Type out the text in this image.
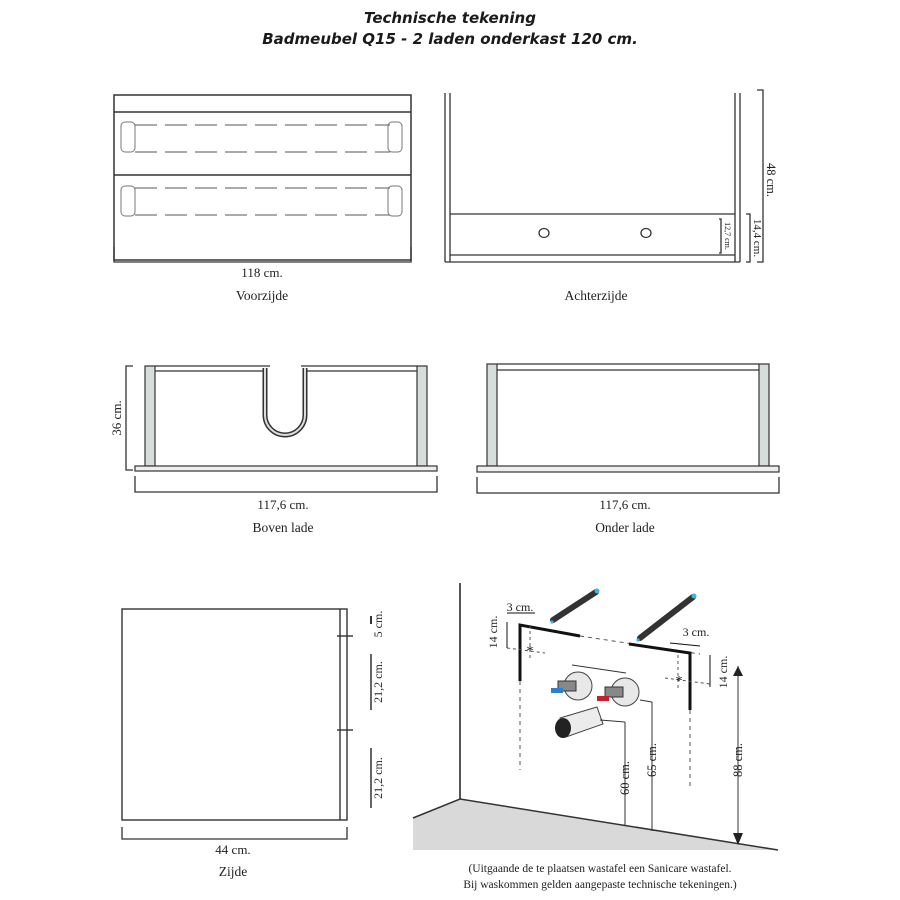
Technische tekening
Badmeubel Q15 - 2 laden onderkast 120 cm.
118 cm.
Voorzijde
12,7 cm. 14,4 cm.
48 cm.
Achterzijde
36 cm.
117,6 cm.
Boven lade
117,6 cm.
Onder lade
5 cm.
21,2 cm.
21,2 cm.
44 cm.
Zijde
*
*
3 cm.
14 cm.	3 cm.
14 cm.
60 cm.
65 cm.	88 cm.
(Uitgaande de te plaatsen wastafel een Sanicare wastafel.
Bij waskommen gelden aangepaste technische tekeningen.)
